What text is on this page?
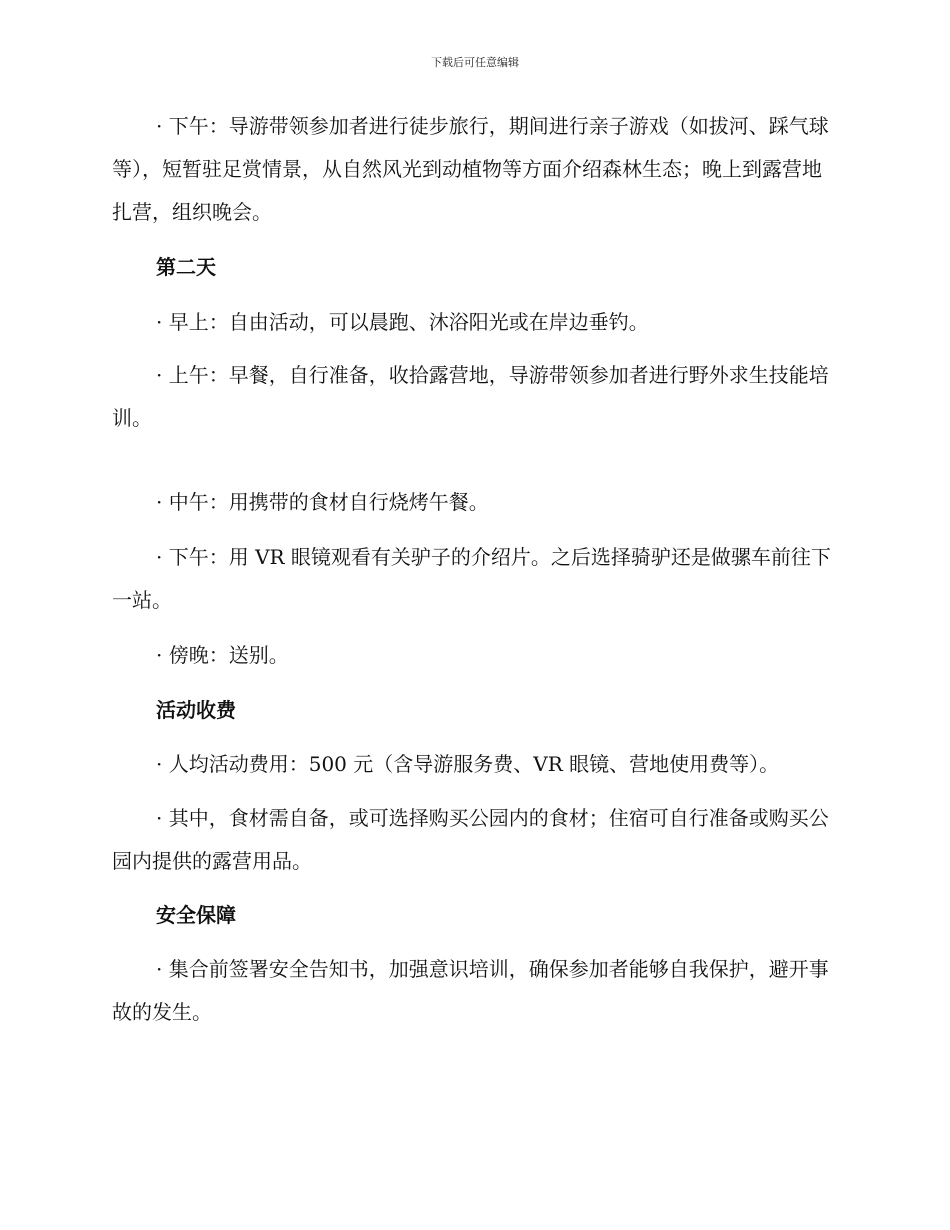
下载后可任意编辑

· 下午：导游带领参加者进行徒步旅行，期间进行亲子游戏（如拔河、踩气球等），短暂驻足赏情景，从自然风光到动植物等方面介绍森林生态；晚上到露营地扎营，组织晚会。

第二天

· 早上：自由活动，可以晨跑、沐浴阳光或在岸边垂钓。

· 上午：早餐，自行准备，收拾露营地，导游带领参加者进行野外求生技能培训。

· 中午：用携带的食材自行烧烤午餐。

· 下午：用 VR 眼镜观看有关驴子的介绍片。之后选择骑驴还是做骡车前往下一站。

· 傍晚：送别。

活动收费

· 人均活动费用：500 元（含导游服务费、VR 眼镜、营地使用费等）。

· 其中，食材需自备，或可选择购买公园内的食材；住宿可自行准备或购买公园内提供的露营用品。

安全保障

· 集合前签署安全告知书，加强意识培训，确保参加者能够自我保护，避开事故的发生。
